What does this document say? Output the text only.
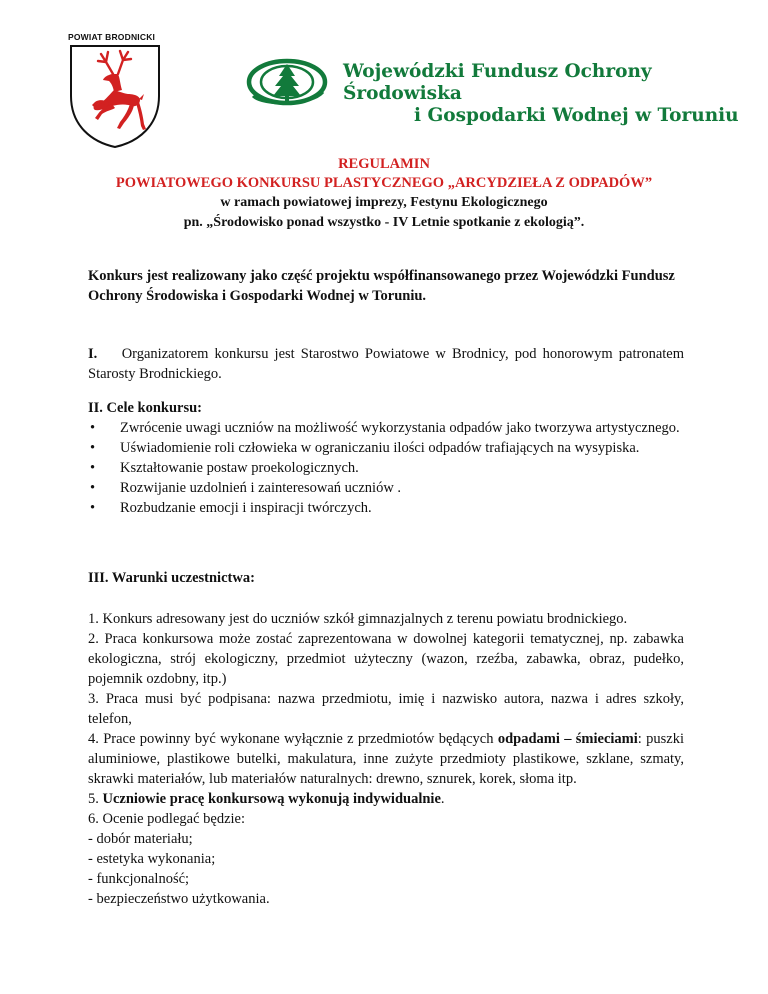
POWIAT BRODNICKI
Wojewódzki Fundusz Ochrony Środowiska
i Gospodarki Wodnej w Toruniu
REGULAMIN
POWIATOWEGO KONKURSU PLASTYCZNEGO „ARCYDZIEŁA Z ODPADÓW”
w ramach powiatowej imprezy, Festynu Ekologicznego
pn. „Środowisko ponad wszystko - IV Letnie spotkanie z ekologią”.
Konkurs jest realizowany jako część projektu współfinansowanego przez Wojewódzki Fundusz Ochrony Środowiska i Gospodarki Wodnej w Toruniu.
I. Organizatorem konkursu jest Starostwo Powiatowe w Brodnicy, pod honorowym patronatem Starosty Brodnickiego.
II. Cele konkursu:
• Zwrócenie uwagi uczniów na możliwość wykorzystania odpadów jako tworzywa artystycznego.
• Uświadomienie roli człowieka w ograniczaniu ilości odpadów trafiających na wysypiska.
• Kształtowanie postaw proekologicznych.
• Rozwijanie uzdolnień i zainteresowań uczniów .
• Rozbudzanie emocji i inspiracji twórczych.
III. Warunki uczestnictwa:
1. Konkurs adresowany jest do uczniów szkół gimnazjalnych z terenu powiatu brodnickiego.
2. Praca konkursowa może zostać zaprezentowana w dowolnej kategorii tematycznej, np. zabawka ekologiczna, strój ekologiczny, przedmiot użyteczny (wazon, rzeźba, zabawka, obraz, pudełko, pojemnik ozdobny, itp.)
3. Praca musi być podpisana: nazwa przedmiotu, imię i nazwisko autora, nazwa i adres szkoły, telefon,
4. Prace powinny być wykonane wyłącznie z przedmiotów będących odpadami – śmieciami: puszki aluminiowe, plastikowe butelki, makulatura, inne zużyte przedmioty plastikowe, szklane, szmaty, skrawki materiałów, lub materiałów naturalnych: drewno, sznurek, korek, słoma itp.
5. Uczniowie pracę konkursową wykonują indywidualnie.
6. Ocenie podlegać będzie:
- dobór materiału;
- estetyka wykonania;
- funkcjonalność;
- bezpieczeństwo użytkowania.
